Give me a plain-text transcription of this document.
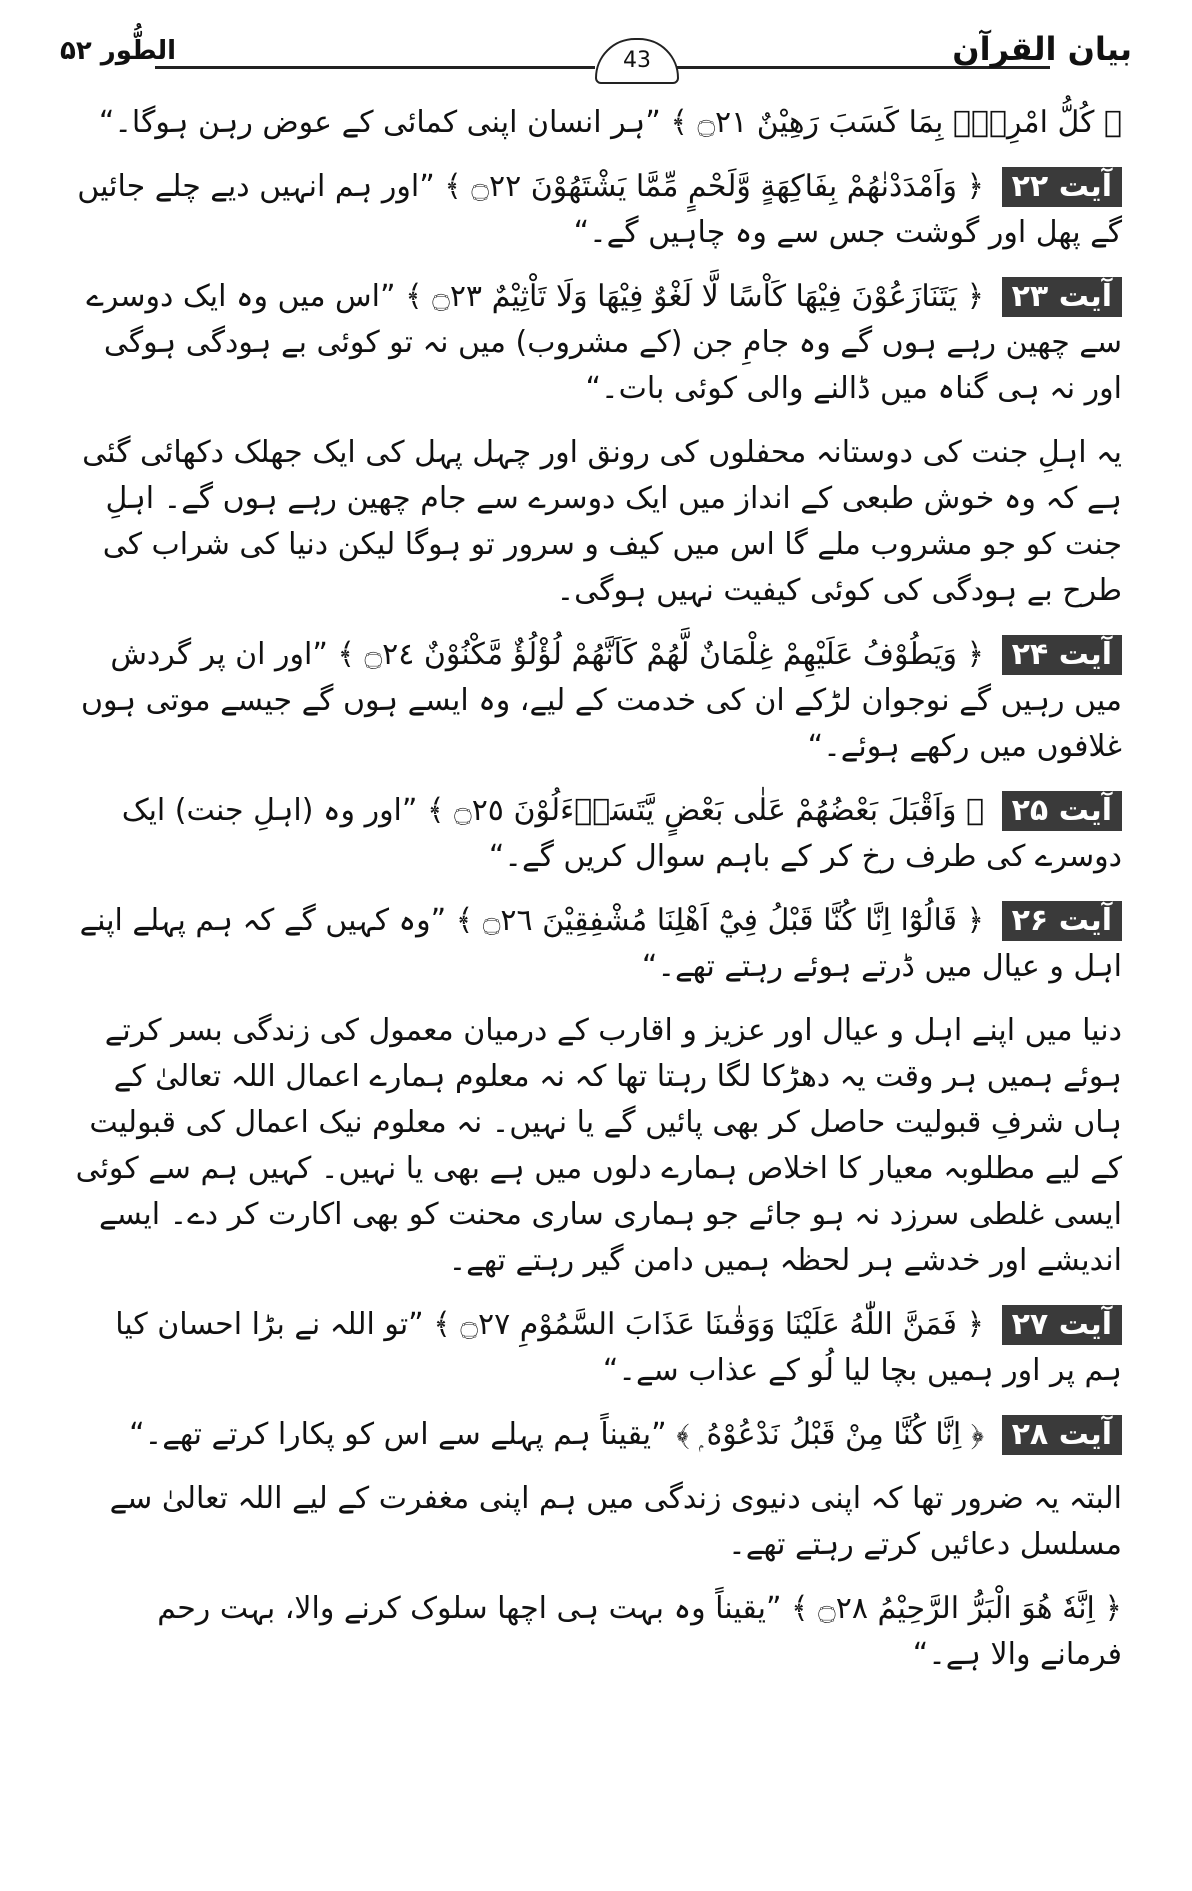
بیان القرآن
الطُّور ۵۲	43

﴿ كُلُّ امْرِئٍۢ بِمَا كَسَبَ رَهِيْنٌ ۝٢١ ﴾ ”ہر انسان اپنی کمائی کے عوض رہن ہوگا۔“

آیت ۲۲ ﴿ وَاَمْدَدْنٰهُمْ بِفَاكِهَةٍ وَّلَحْمٍ مِّمَّا يَشْتَهُوْنَ ۝٢٢ ﴾ ”اور ہم انہیں دیے چلے جائیں گے پھل اور گوشت جس سے وہ چاہیں گے۔“

آیت ۲۳ ﴿ يَتَنَازَعُوْنَ فِيْهَا كَاْسًا لَّا لَغْوٌ فِيْهَا وَلَا تَاْثِيْمٌ ۝٢٣ ﴾ ”اس میں وہ ایک دوسرے سے چھین رہے ہوں گے وہ جامِ جن (کے مشروب) میں نہ تو کوئی بے ہودگی ہوگی اور نہ ہی گناہ میں ڈالنے والی کوئی بات۔“

یہ اہلِ جنت کی دوستانہ محفلوں کی رونق اور چہل پہل کی ایک جھلک دکھائی گئی ہے کہ وہ خوش طبعی کے انداز میں ایک دوسرے سے جام چھین رہے ہوں گے۔ اہلِ جنت کو جو مشروب ملے گا اس میں کیف و سرور تو ہوگا لیکن دنیا کی شراب کی طرح بے ہودگی کی کوئی کیفیت نہیں ہوگی۔

آیت ۲۴ ﴿ وَيَطُوْفُ عَلَيْهِمْ غِلْمَانٌ لَّهُمْ كَاَنَّهُمْ لُؤْلُؤٌ مَّكْنُوْنٌ ۝٢٤ ﴾ ”اور ان پر گردش میں رہیں گے نوجوان لڑکے ان کی خدمت کے لیے، وہ ایسے ہوں گے جیسے موتی ہوں غلافوں میں رکھے ہوئے۔“

آیت ۲۵ ﴿ وَاَقْبَلَ بَعْضُهُمْ عَلٰى بَعْضٍ يَّتَسَاۗءَلُوْنَ ۝٢٥ ﴾ ”اور وہ (اہلِ جنت) ایک دوسرے کی طرف رخ کر کے باہم سوال کریں گے۔“

آیت ۲۶ ﴿ قَالُوْٓا اِنَّا كُنَّا قَبْلُ فِيْٓ اَهْلِنَا مُشْفِقِيْنَ ۝٢٦ ﴾ ”وہ کہیں گے کہ ہم پہلے اپنے اہل و عیال میں ڈرتے ہوئے رہتے تھے۔“

دنیا میں اپنے اہل و عیال اور عزیز و اقارب کے درمیان معمول کی زندگی بسر کرتے ہوئے ہمیں ہر وقت یہ دھڑکا لگا رہتا تھا کہ نہ معلوم ہمارے اعمال اللہ تعالیٰ کے ہاں شرفِ قبولیت حاصل کر بھی پائیں گے یا نہیں۔ نہ معلوم نیک اعمال کی قبولیت کے لیے مطلوبہ معیار کا اخلاص ہمارے دلوں میں ہے بھی یا نہیں۔ کہیں ہم سے کوئی ایسی غلطی سرزد نہ ہو جائے جو ہماری ساری محنت کو بھی اکارت کر دے۔ ایسے اندیشے اور خدشے ہر لحظہ ہمیں دامن گیر رہتے تھے۔

آیت ۲۷ ﴿ فَمَنَّ اللّٰهُ عَلَيْنَا وَوَقٰىنَا عَذَابَ السَّمُوْمِ ۝٢٧ ﴾ ”تو اللہ نے بڑا احسان کیا ہم پر اور ہمیں بچا لیا لُو کے عذاب سے۔“

آیت ۲۸ ﴿ اِنَّا كُنَّا مِنْ قَبْلُ نَدْعُوْهُ ۭ ﴾ ”یقیناً ہم پہلے سے اس کو پکارا کرتے تھے۔“

البتہ یہ ضرور تھا کہ اپنی دنیوی زندگی میں ہم اپنی مغفرت کے لیے اللہ تعالیٰ سے مسلسل دعائیں کرتے رہتے تھے۔

﴿ اِنَّهٗ هُوَ الْبَرُّ الرَّحِيْمُ ۝٢٨ ﴾ ”یقیناً وہ بہت ہی اچھا سلوک کرنے والا، بہت رحم فرمانے والا ہے۔“
